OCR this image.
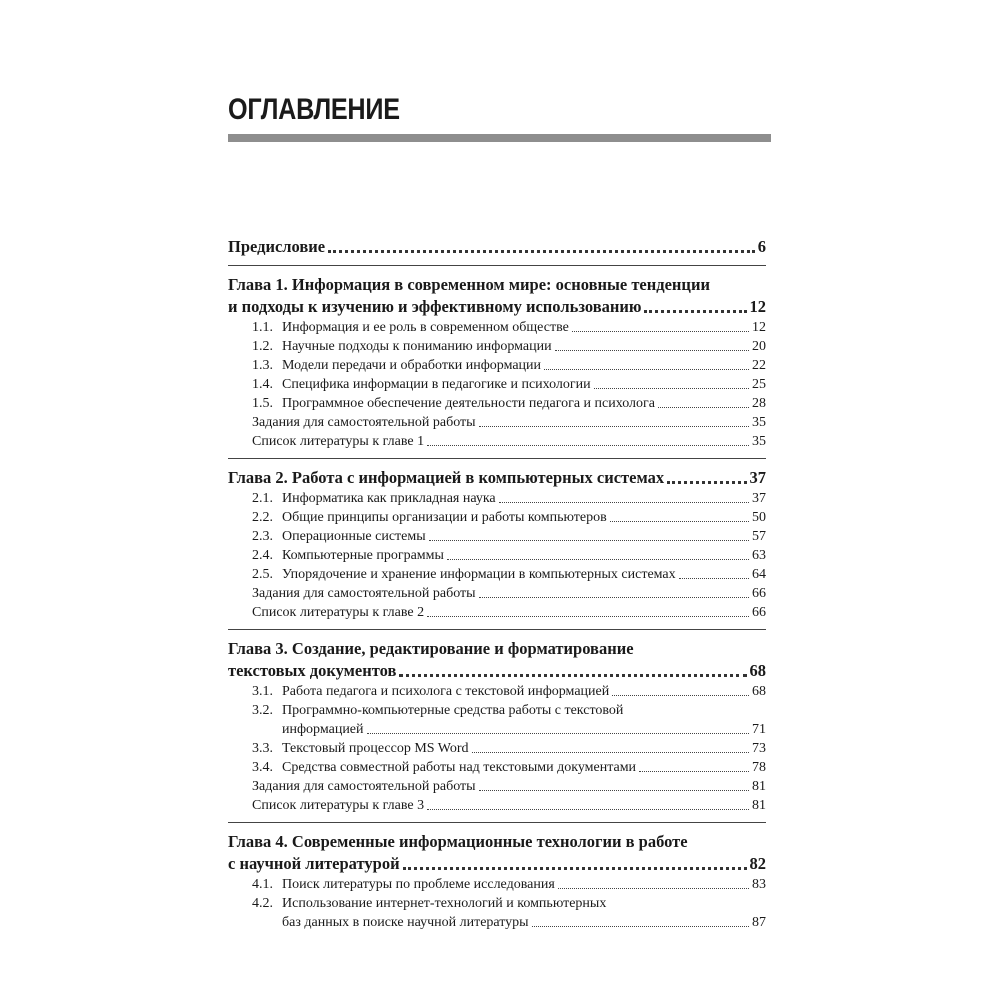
ОГЛАВЛЕНИЕ
Предисловие	6
Глава 1. Информация в современном мире: основные тенденции
и подходы к изучению и эффективному использованию	12
1.1. Информация и ее роль в современном обществе	12
1.2. Научные подходы к пониманию информации	20
1.3. Модели передачи и обработки информации	22
1.4. Специфика информации в педагогике и психологии	25
1.5. Программное обеспечение деятельности педагога и психолога	28
Задания для самостоятельной работы	35
Список литературы к главе 1	35
Глава 2. Работа с информацией в компьютерных системах	37
2.1. Информатика как прикладная наука	37
2.2. Общие принципы организации и работы компьютеров	50
2.3. Операционные системы	57
2.4. Компьютерные программы	63
2.5. Упорядочение и хранение информации в компьютерных системах	64
Задания для самостоятельной работы	66
Список литературы к главе 2	66
Глава 3. Создание, редактирование и форматирование
текстовых документов	68
3.1. Работа педагога и психолога с текстовой информацией	68
3.2. Программно-компьютерные средства работы с текстовой
информацией	71
3.3. Текстовый процессор MS Word	73
3.4. Средства совместной работы над текстовыми документами	78
Задания для самостоятельной работы	81
Список литературы к главе 3	81
Глава 4. Современные информационные технологии в работе
с научной литературой	82
4.1. Поиск литературы по проблеме исследования	83
4.2. Использование интернет-технологий и компьютерных
баз данных в поиске научной литературы	87
